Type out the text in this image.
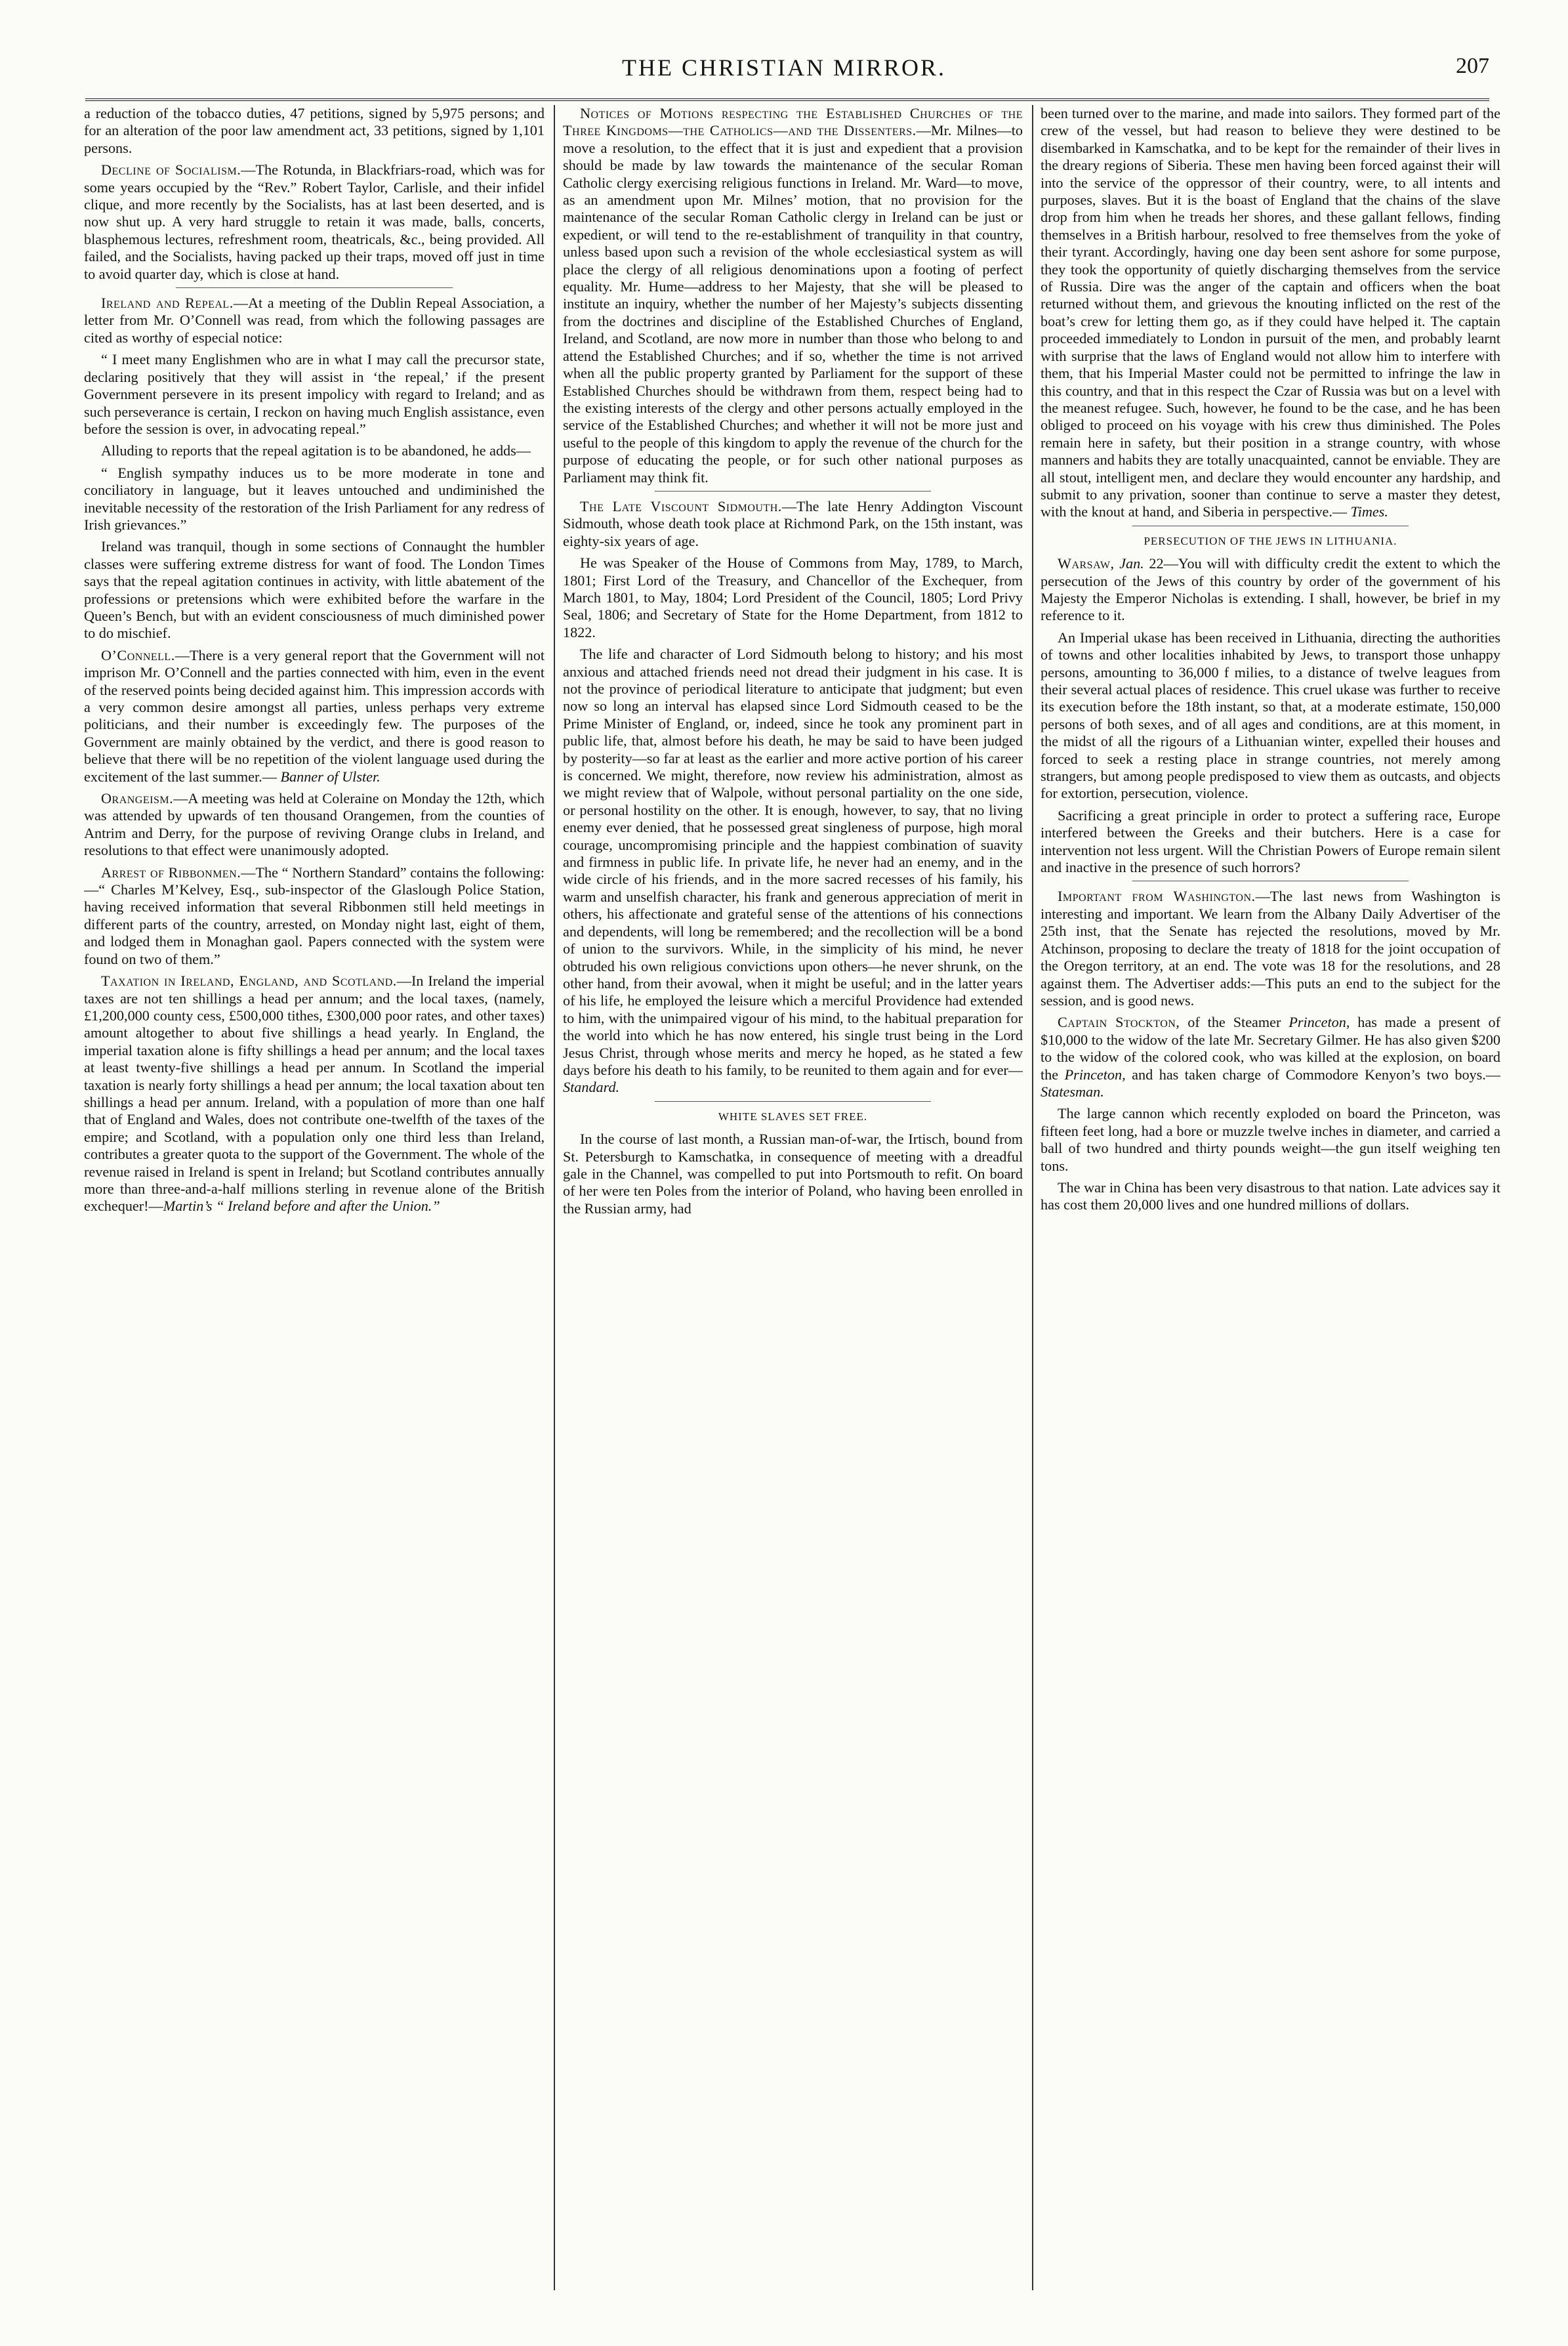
THE CHRISTIAN MIRROR.	207

a reduction of the tobacco duties, 47 petitions, signed by 5,975 persons; and for an alteration of the poor law amendment act, 33 petitions, signed by 1,101 persons.

Decline of Socialism.—The Rotunda, in Blackfriars-road, which was for some years occupied by the “Rev.” Robert Taylor, Carlisle, and their infidel clique, and more recently by the Socialists, has at last been deserted, and is now shut up. A very hard struggle to retain it was made, balls, concerts, blasphemous lectures, refreshment room, theatricals, &c., being provided. All failed, and the Socialists, having packed up their traps, moved off just in time to avoid quarter day, which is close at hand.

Ireland and Repeal.—At a meeting of the Dublin Repeal Association, a letter from Mr. O’Connell was read, from which the following passages are cited as worthy of especial notice:

“ I meet many Englishmen who are in what I may call the precursor state, declaring positively that they will assist in ‘the repeal,’ if the present Government persevere in its present impolicy with regard to Ireland; and as such perseverance is certain, I reckon on having much English assistance, even before the session is over, in advocating repeal.”

Alluding to reports that the repeal agitation is to be abandoned, he adds—

“ English sympathy induces us to be more moderate in tone and conciliatory in language, but it leaves untouched and undiminished the inevitable necessity of the restoration of the Irish Parliament for any redress of Irish grievances.”

Ireland was tranquil, though in some sections of Connaught the humbler classes were suffering extreme distress for want of food. The London Times says that the repeal agitation continues in activity, with little abatement of the professions or pretensions which were exhibited before the warfare in the Queen’s Bench, but with an evident consciousness of much diminished power to do mischief.

O’Connell.—There is a very general report that the Government will not imprison Mr. O’Connell and the parties connected with him, even in the event of the reserved points being decided against him. This impression accords with a very common desire amongst all parties, unless perhaps very extreme politicians, and their number is exceedingly few. The purposes of the Government are mainly obtained by the verdict, and there is good reason to believe that there will be no repetition of the violent language used during the excitement of the last summer.— Banner of Ulster.

Orangeism.—A meeting was held at Coleraine on Monday the 12th, which was attended by upwards of ten thousand Orangemen, from the counties of Antrim and Derry, for the purpose of reviving Orange clubs in Ireland, and resolutions to that effect were unanimously adopted.

Arrest of Ribbonmen.—The “ Northern Standard” contains the following:—“ Charles M’Kelvey, Esq., sub-inspector of the Glaslough Police Station, having received information that several Ribbonmen still held meetings in different parts of the country, arrested, on Monday night last, eight of them, and lodged them in Monaghan gaol. Papers connected with the system were found on two of them.”

Taxation in Ireland, England, and Scotland.—In Ireland the imperial taxes are not ten shillings a head per annum; and the local taxes, (namely, £1,200,000 county cess, £500,000 tithes, £300,000 poor rates, and other taxes) amount altogether to about five shillings a head yearly. In England, the imperial taxation alone is fifty shillings a head per annum; and the local taxes at least twenty-five shillings a head per annum. In Scotland the imperial taxation is nearly forty shillings a head per annum; the local taxation about ten shillings a head per annum. Ireland, with a population of more than one half that of England and Wales, does not contribute one-twelfth of the taxes of the empire; and Scotland, with a population only one third less than Ireland, contributes a greater quota to the support of the Government. The whole of the revenue raised in Ireland is spent in Ireland; but Scotland contributes annually more than three-and-a-half millions sterling in revenue alone of the British exchequer!—Martin’s “ Ireland before and after the Union.”

Notices of Motions respecting the Established Churches of the Three Kingdoms—the Catholics—and the Dissenters.—Mr. Milnes—to move a resolution, to the effect that it is just and expedient that a provision should be made by law towards the maintenance of the secular Roman Catholic clergy exercising religious functions in Ireland. Mr. Ward—to move, as an amendment upon Mr. Milnes’ motion, that no provision for the maintenance of the secular Roman Catholic clergy in Ireland can be just or expedient, or will tend to the re-establishment of tranquility in that country, unless based upon such a revision of the whole ecclesiastical system as will place the clergy of all religious denominations upon a footing of perfect equality. Mr. Hume—address to her Majesty, that she will be pleased to institute an inquiry, whether the number of her Majesty’s subjects dissenting from the doctrines and discipline of the Established Churches of England, Ireland, and Scotland, are now more in number than those who belong to and attend the Established Churches; and if so, whether the time is not arrived when all the public property granted by Parliament for the support of these Established Churches should be withdrawn from them, respect being had to the existing interests of the clergy and other persons actually employed in the service of the Established Churches; and whether it will not be more just and useful to the people of this kingdom to apply the revenue of the church for the purpose of educating the people, or for such other national purposes as Parliament may think fit.

The Late Viscount Sidmouth.—The late Henry Addington Viscount Sidmouth, whose death took place at Richmond Park, on the 15th instant, was eighty-six years of age.

He was Speaker of the House of Commons from May, 1789, to March, 1801; First Lord of the Treasury, and Chancellor of the Exchequer, from March 1801, to May, 1804; Lord President of the Council, 1805; Lord Privy Seal, 1806; and Secretary of State for the Home Department, from 1812 to 1822.

The life and character of Lord Sidmouth belong to history; and his most anxious and attached friends need not dread their judgment in his case. It is not the province of periodical literature to anticipate that judgment; but even now so long an interval has elapsed since Lord Sidmouth ceased to be the Prime Minister of England, or, indeed, since he took any prominent part in public life, that, almost before his death, he may be said to have been judged by posterity—so far at least as the earlier and more active portion of his career is concerned. We might, therefore, now review his administration, almost as we might review that of Walpole, without personal partiality on the one side, or personal hostility on the other. It is enough, however, to say, that no living enemy ever denied, that he possessed great singleness of purpose, high moral courage, uncompromising principle and the happiest combination of suavity and firmness in public life. In private life, he never had an enemy, and in the wide circle of his friends, and in the more sacred recesses of his family, his warm and unselfish character, his frank and generous appreciation of merit in others, his affectionate and grateful sense of the attentions of his connections and dependents, will long be remembered; and the recollection will be a bond of union to the survivors. While, in the simplicity of his mind, he never obtruded his own religious convictions upon others—he never shrunk, on the other hand, from their avowal, when it might be useful; and in the latter years of his life, he employed the leisure which a merciful Providence had extended to him, with the unimpaired vigour of his mind, to the habitual preparation for the world into which he has now entered, his single trust being in the Lord Jesus Christ, through whose merits and mercy he hoped, as he stated a few days before his death to his family, to be reunited to them again and for ever—Standard.

WHITE SLAVES SET FREE.

In the course of last month, a Russian man-of-war, the Irtisch, bound from St. Petersburgh to Kamschatka, in consequence of meeting with a dreadful gale in the Channel, was compelled to put into Portsmouth to refit. On board of her were ten Poles from the interior of Poland, who having been enrolled in the Russian army, had

been turned over to the marine, and made into sailors. They formed part of the crew of the vessel, but had reason to believe they were destined to be disembarked in Kamschatka, and to be kept for the remainder of their lives in the dreary regions of Siberia. These men having been forced against their will into the service of the oppressor of their country, were, to all intents and purposes, slaves. But it is the boast of England that the chains of the slave drop from him when he treads her shores, and these gallant fellows, finding themselves in a British harbour, resolved to free themselves from the yoke of their tyrant. Accordingly, having one day been sent ashore for some purpose, they took the opportunity of quietly discharging themselves from the service of Russia. Dire was the anger of the captain and officers when the boat returned without them, and grievous the knouting inflicted on the rest of the boat’s crew for letting them go, as if they could have helped it. The captain proceeded immediately to London in pursuit of the men, and probably learnt with surprise that the laws of England would not allow him to interfere with them, that his Imperial Master could not be permitted to infringe the law in this country, and that in this respect the Czar of Russia was but on a level with the meanest refugee. Such, however, he found to be the case, and he has been obliged to proceed on his voyage with his crew thus diminished. The Poles remain here in safety, but their position in a strange country, with whose manners and habits they are totally unacquainted, cannot be enviable. They are all stout, intelligent men, and declare they would encounter any hardship, and submit to any privation, sooner than continue to serve a master they detest, with the knout at hand, and Siberia in perspective.— Times.

PERSECUTION OF THE JEWS IN LITHUANIA.

Warsaw, Jan. 22—You will with difficulty credit the extent to which the persecution of the Jews of this country by order of the government of his Majesty the Emperor Nicholas is extending. I shall, however, be brief in my reference to it.

An Imperial ukase has been received in Lithuania, directing the authorities of towns and other localities inhabited by Jews, to transport those unhappy persons, amounting to 36,000 f milies, to a distance of twelve leagues from their several actual places of residence. This cruel ukase was further to receive its execution before the 18th instant, so that, at a moderate estimate, 150,000 persons of both sexes, and of all ages and conditions, are at this moment, in the midst of all the rigours of a Lithuanian winter, expelled their houses and forced to seek a resting place in strange countries, not merely among strangers, but among people predisposed to view them as outcasts, and objects for extortion, persecution, violence.

Sacrificing a great principle in order to protect a suffering race, Europe interfered between the Greeks and their butchers. Here is a case for intervention not less urgent. Will the Christian Powers of Europe remain silent and inactive in the presence of such horrors?

Important from Washington.—The last news from Washington is interesting and important. We learn from the Albany Daily Advertiser of the 25th inst, that the Senate has rejected the resolutions, moved by Mr. Atchinson, proposing to declare the treaty of 1818 for the joint occupation of the Oregon territory, at an end. The vote was 18 for the resolutions, and 28 against them. The Advertiser adds:—This puts an end to the subject for the session, and is good news.

Captain Stockton, of the Steamer Princeton, has made a present of $10,000 to the widow of the late Mr. Secretary Gilmer. He has also given $200 to the widow of the colored cook, who was killed at the explosion, on board the Princeton, and has taken charge of Commodore Kenyon’s two boys.—Statesman.

The large cannon which recently exploded on board the Princeton, was fifteen feet long, had a bore or muzzle twelve inches in diameter, and carried a ball of two hundred and thirty pounds weight—the gun itself weighing ten tons.

The war in China has been very disastrous to that nation. Late advices say it has cost them 20,000 lives and one hundred millions of dollars.
